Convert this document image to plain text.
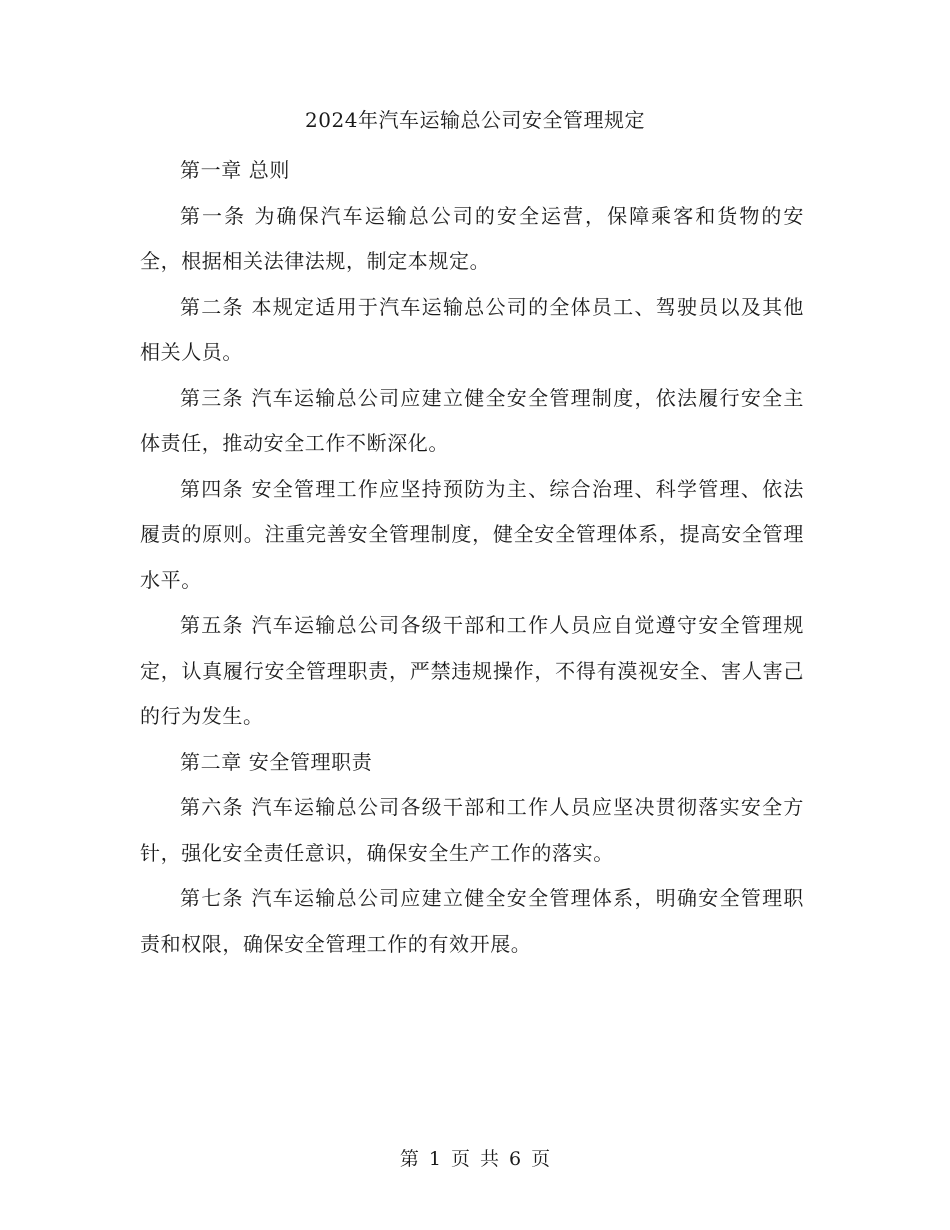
2024年汽车运输总公司安全管理规定

第一章 总则

第一条 为确保汽车运输总公司的安全运营，保障乘客和货物的安全，根据相关法律法规，制定本规定。

第二条 本规定适用于汽车运输总公司的全体员工、驾驶员以及其他相关人员。

第三条 汽车运输总公司应建立健全安全管理制度，依法履行安全主体责任，推动安全工作不断深化。

第四条 安全管理工作应坚持预防为主、综合治理、科学管理、依法履责的原则。注重完善安全管理制度，健全安全管理体系，提高安全管理水平。

第五条 汽车运输总公司各级干部和工作人员应自觉遵守安全管理规定，认真履行安全管理职责，严禁违规操作，不得有漠视安全、害人害己的行为发生。

第二章 安全管理职责

第六条 汽车运输总公司各级干部和工作人员应坚决贯彻落实安全方针，强化安全责任意识，确保安全生产工作的落实。

第七条 汽车运输总公司应建立健全安全管理体系，明确安全管理职责和权限，确保安全管理工作的有效开展。

第 1 页 共 6 页
